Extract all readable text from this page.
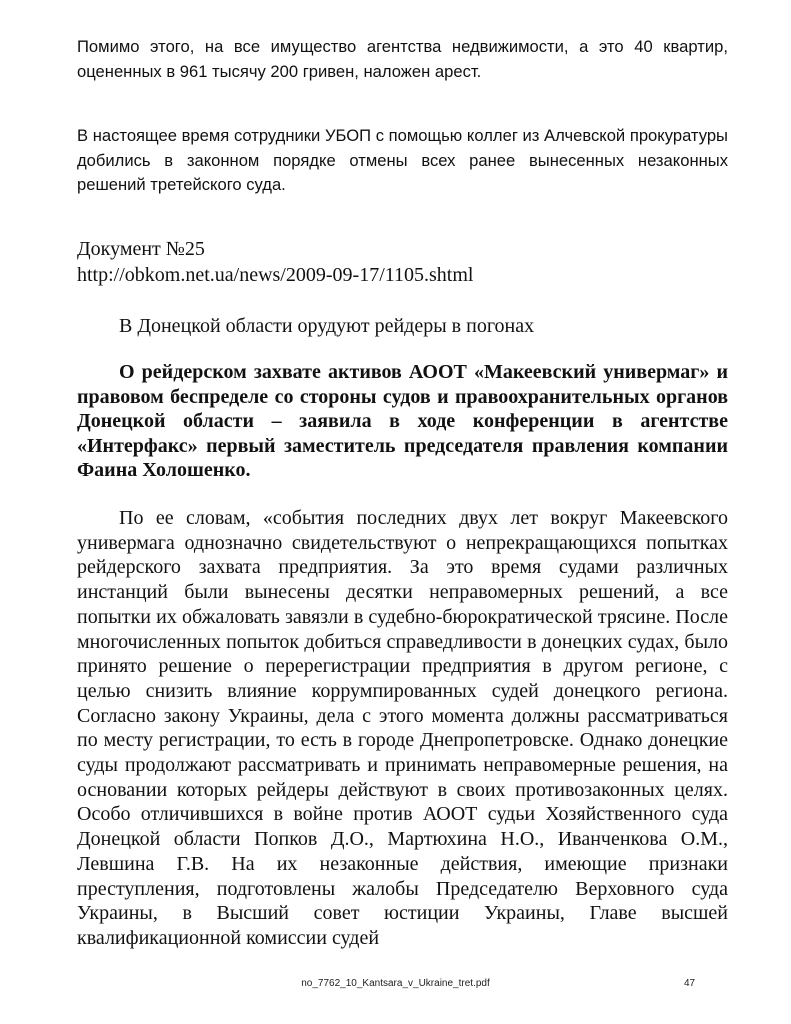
Помимо этого, на все имущество агентства недвижимости, а это 40 квартир, оцененных в 961 тысячу 200 гривен, наложен арест.

В настоящее время сотрудники УБОП с помощью коллег из Алчевской прокуратуры добились в законном порядке отмены всех ранее вынесенных незаконных решений третейского суда.

Документ №25
http://obkom.net.ua/news/2009-09-17/1105.shtml
В Донецкой области орудуют рейдеры в погонах

О рейдерском захвате активов АООТ «Макеевский универмаг» и правовом беспределе со стороны судов и правоохранительных органов Донецкой области – заявила в ходе конференции в агентстве «Интерфакс» первый заместитель председателя правления компании Фаина Холошенко.

По ее словам, «события последних двух лет вокруг Макеевского универмага однозначно свидетельствуют о непрекращающихся попытках рейдерского захвата предприятия. За это время судами различных инстанций были вынесены десятки неправомерных решений, а все попытки их обжаловать завязли в судебно-бюрократической трясине. После многочисленных попыток добиться справедливости в донецких судах, было принято решение о перерегистрации предприятия в другом регионе, с целью снизить влияние коррумпированных судей донецкого региона. Согласно закону Украины, дела с этого момента должны рассматриваться по месту регистрации, то есть в городе Днепропетровске. Однако донецкие суды продолжают рассматривать и принимать неправомерные решения, на основании которых рейдеры действуют в своих противозаконных целях. Особо отличившихся в войне против АООТ судьи Хозяйственного суда Донецкой области Попков Д.О., Мартюхина Н.О., Иванченкова О.М., Левшина Г.В. На их незаконные действия, имеющие признаки преступления, подготовлены жалобы Председателю Верховного суда Украины, в Высший совет юстиции Украины, Главе высшей квалификационной комиссии судей

no_7762_10_Kantsara_v_Ukraine_tret.pdf	47
